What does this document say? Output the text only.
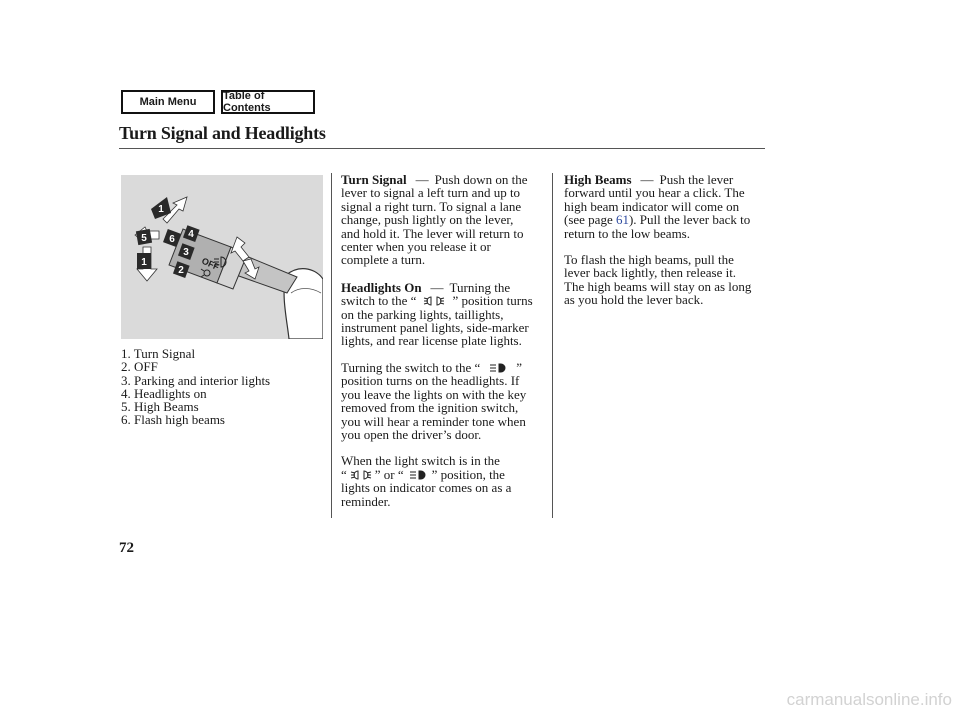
Main Menu	Table of Contents
Turn Signal and Headlights
OFF
1
5 6 4
3
2
1
1. Turn Signal
2. OFF
3. Parking and interior lights
4. Headlights on
5. High Beams
6. Flash high beams

Turn Signal — Push down on the
lever to signal a left turn and up to
signal a right turn. To signal a lane
change, push lightly on the lever,
and hold it. The lever will return to
center when you release it or
complete a turn.

Headlights On — Turning the
switch to the “	” position turns
on the parking lights, taillights,
instrument panel lights, side-marker
lights, and rear license plate lights.

Turning the switch to the “	”
position turns on the headlights. If
you leave the lights on with the key
removed from the ignition switch,
you will hear a reminder tone when
you open the driver’s door.

When the light switch is in the
“ ” or “ ” position, the
lights on indicator comes on as a
reminder.

High Beams — Push the lever
forward until you hear a click. The
high beam indicator will come on
(see page 61). Pull the lever back to
return to the low beams.

To flash the high beams, pull the
lever back lightly, then release it.
The high beams will stay on as long
as you hold the lever back.

72
carmanualsonline.info
